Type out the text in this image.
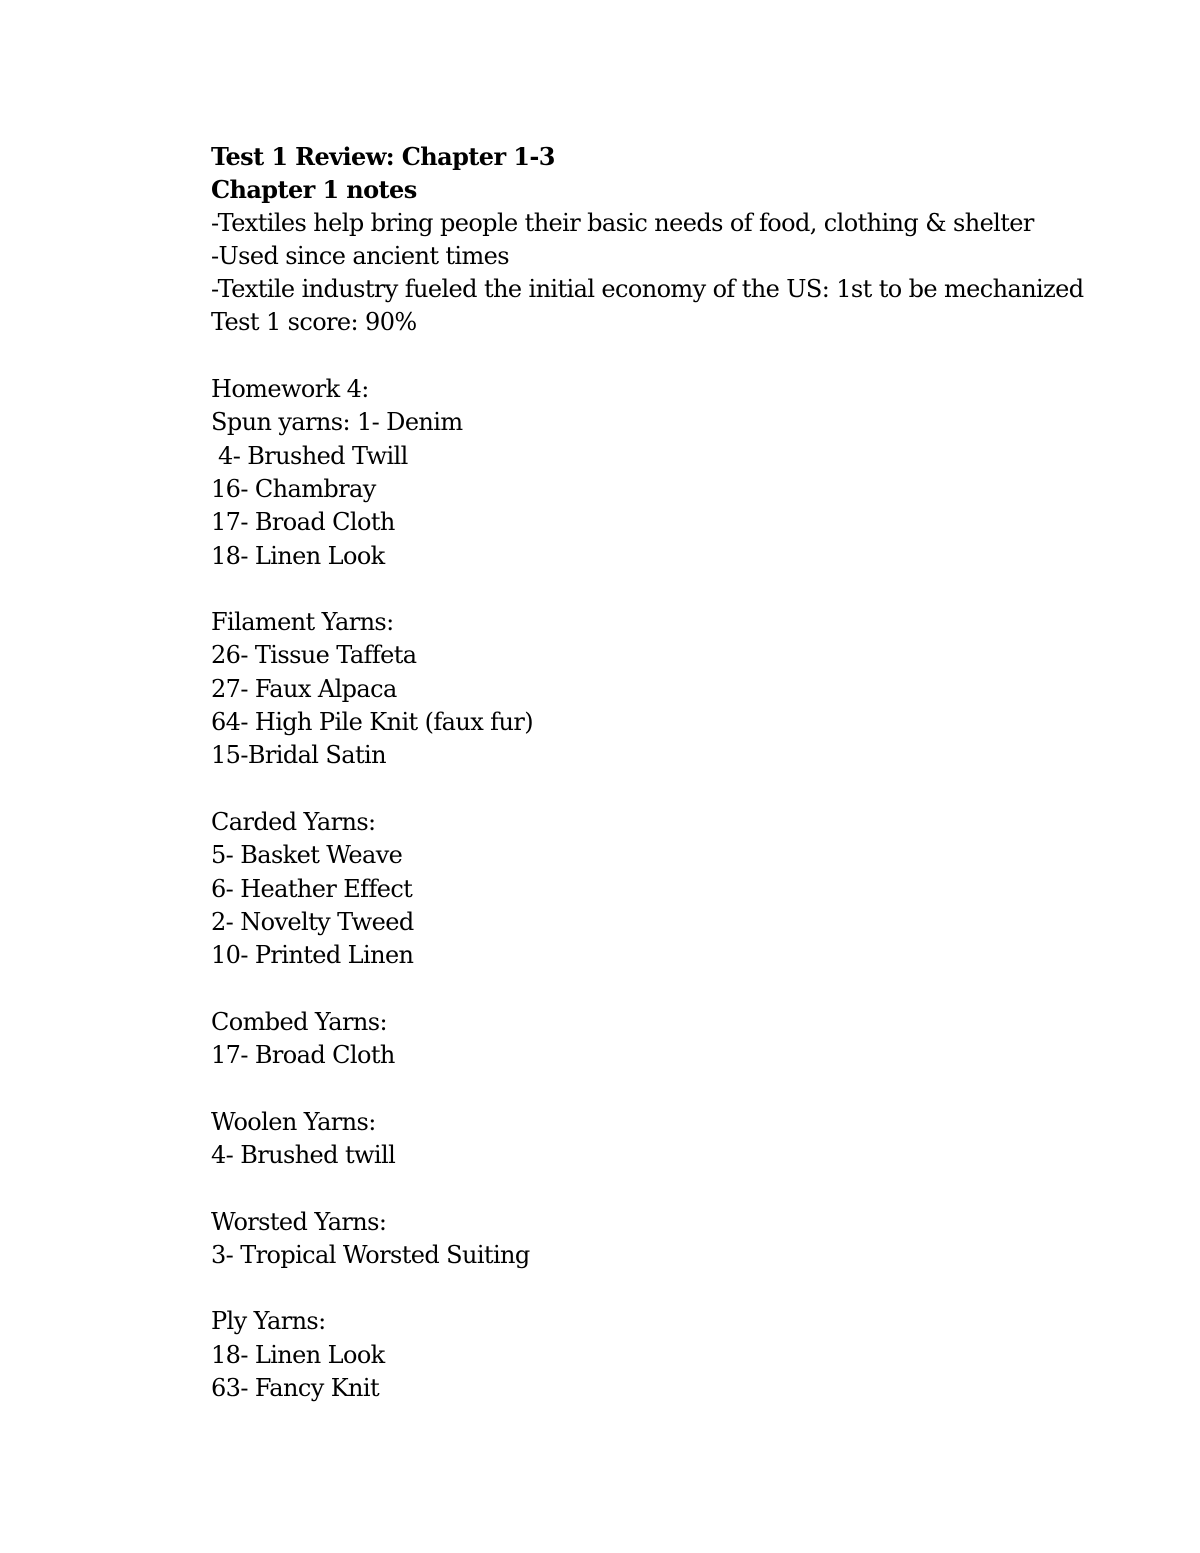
Test 1 Review: Chapter 1-3
Chapter 1 notes
-Textiles help bring people their basic needs of food, clothing & shelter
-Used since ancient times
-Textile industry fueled the initial economy of the US: 1st to be mechanized
Test 1 score: 90%
Homework 4:
Spun yarns: 1- Denim
4- Brushed Twill
16- Chambray
17- Broad Cloth
18- Linen Look
Filament Yarns:
26- Tissue Taffeta
27- Faux Alpaca
64- High Pile Knit (faux fur)
15-Bridal Satin
Carded Yarns:
5- Basket Weave
6- Heather Effect
2- Novelty Tweed
10- Printed Linen
Combed Yarns:
17- Broad Cloth
Woolen Yarns:
4- Brushed twill
Worsted Yarns:
3- Tropical Worsted Suiting
Ply Yarns:
18- Linen Look
63- Fancy Knit
